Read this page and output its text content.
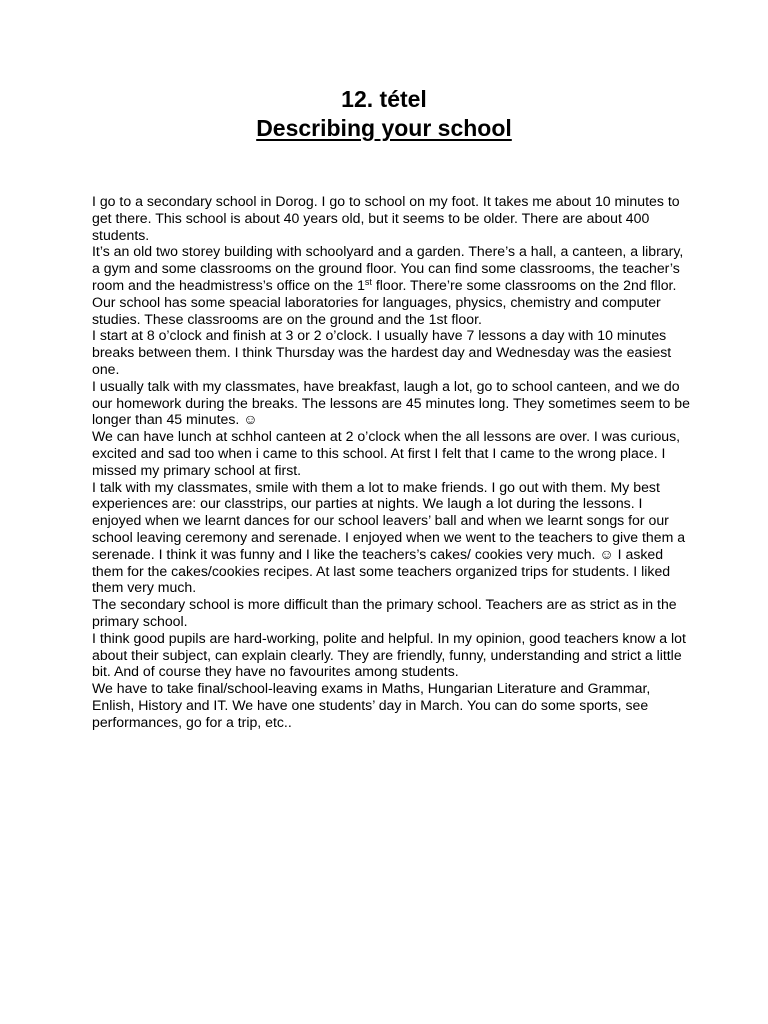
12. tétel
Describing your school

I go to a secondary school in Dorog. I go to school on my foot. It takes me about 10 minutes to get there. This school is about 40 years old, but it seems to be older. There are about 400 students.

It’s an old two storey building with schoolyard and a garden. There’s a hall, a canteen, a library, a gym and some classrooms on the ground floor. You can find some classrooms, the teacher’s room and the headmistress’s office on the 1st floor. There’re some classrooms on the 2nd fllor. Our school has some speacial laboratories for languages, physics, chemistry and computer studies. These classrooms are on the ground and the 1st floor.

I start at 8 o’clock and finish at 3 or 2 o’clock. I usually have 7 lessons a day with 10 minutes breaks between them. I think Thursday was the hardest day and Wednesday was the easiest one.

I usually talk with my classmates, have breakfast, laugh a lot, go to school canteen, and we do our homework during the breaks. The lessons are 45 minutes long. They sometimes seem to be longer than 45 minutes. ☺

We can have lunch at schhol canteen at 2 o’clock when the all lessons are over. I was curious, excited and sad too when i came to this school. At first I felt that I came to the wrong place. I missed my primary school at first.

I talk with my classmates, smile with them a lot to make friends. I go out with them. My best experiences are: our classtrips, our parties at nights. We laugh a lot during the lessons. I enjoyed when we learnt dances for our school leavers’ ball and when we learnt songs for our school leaving ceremony and serenade. I enjoyed when we went to the teachers to give them a serenade. I think it was funny and I like the teachers’s cakes/ cookies very much. ☺ I asked them for the cakes/cookies recipes. At last some teachers organized trips for students. I liked them very much.

The secondary school is more difficult than the primary school. Teachers are as strict as in the primary school.

I think good pupils are hard-working, polite and helpful. In my opinion, good teachers know a lot about their subject, can explain clearly. They are friendly, funny, understanding and strict a little bit. And of course they have no favourites among students.

We have to take final/school-leaving exams in Maths, Hungarian Literature and Grammar, Enlish, History and IT. We have one students’ day in March. You can do some sports, see performances, go for a trip, etc..
